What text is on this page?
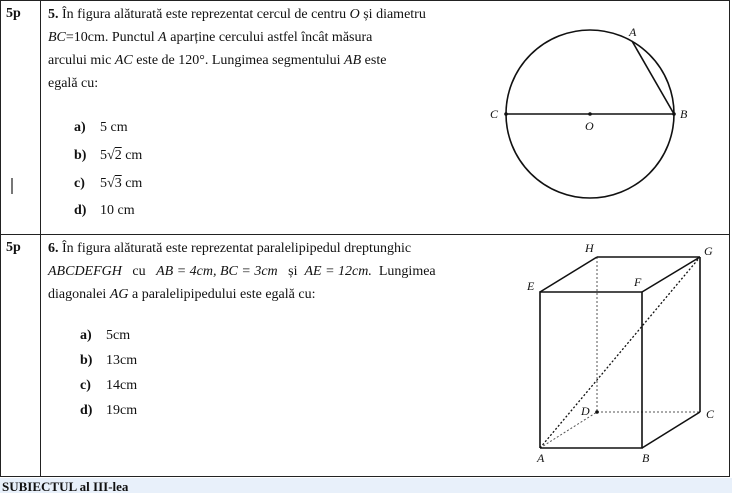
5p 5. În figura alăturată este reprezentat cercul de centru O și diametru
BC=10cm. Punctul A aparține cercului astfel încât măsura
arcului mic AC este de 120°. Lungimea segmentului AB este
egală cu:
a) 5 cm
b) 5√2 cm
c) 5√3 cm
d) 10 cm
5p 6. În figura alăturată este reprezentat paralelipipedul dreptunghic
ABCDEFGH cu AB = 4cm, BC = 3cm și AE = 12cm. Lungimea
diagonalei AG a paralelipipedului este egală cu:
a) 5cm
b) 13cm
c) 14cm
d) 19cm
A
B
C
O
A	B
C
D
E	F
G
H
SUBIECTUL al III-lea
